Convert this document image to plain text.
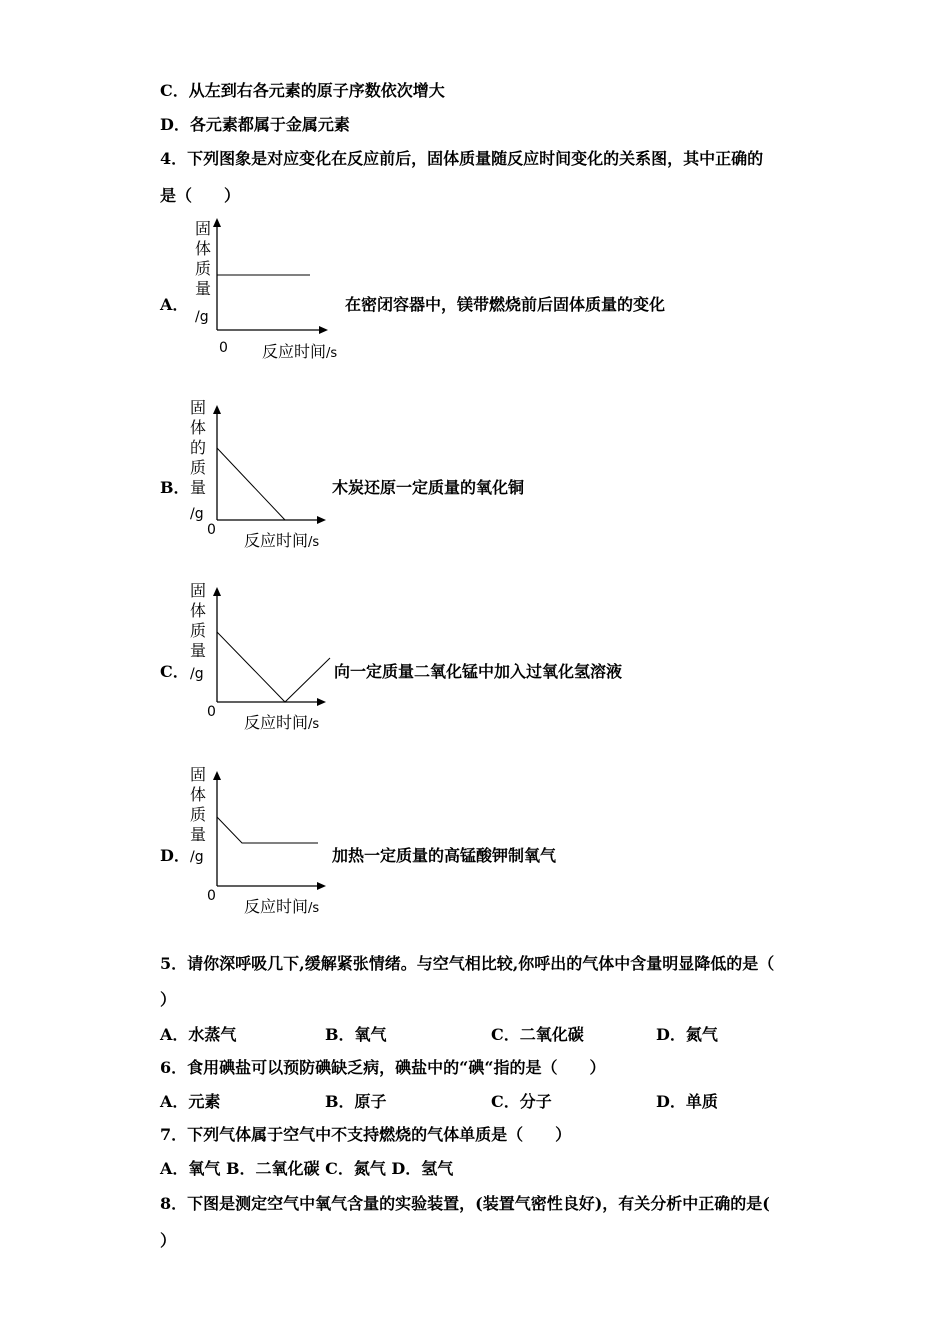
C．从左到右各元素的原子序数依次增大
D．各元素都属于金属元素
4．下列图象是对应变化在反应前后，固体质量随反应时间变化的关系图，其中正确的
是（　　）
A．
固
体
质
量
/g
0 反应时间/s
在密闭容器中，镁带燃烧前后固体质量的变化
B．
固
体
的
质
量
/g
0
反应时间/s
木炭还原一定质量的氧化铜
C．
固
体
质
量
/g
0
反应时间/s
向一定质量二氧化锰中加入过氧化氢溶液
D．
固
体
质
量
/g
0
反应时间/s
加热一定质量的高锰酸钾制氧气
5．请你深呼吸几下,缓解紧张情绪。与空气相比较,你呼出的气体中含量明显降低的是（
）
A．水蒸气	B．氧气	C．二氧化碳	D．氮气
6．食用碘盐可以预防碘缺乏病，碘盐中的“碘“指的是（　　）
A．元素	B．原子	C．分子	D．单质
7．下列气体属于空气中不支持燃烧的气体单质是（　　）
A．氧气 B．二氧化碳 C．氮气 D．氢气
8．下图是测定空气中氧气含量的实验装置，(装置气密性良好)，有关分析中正确的是(
）
